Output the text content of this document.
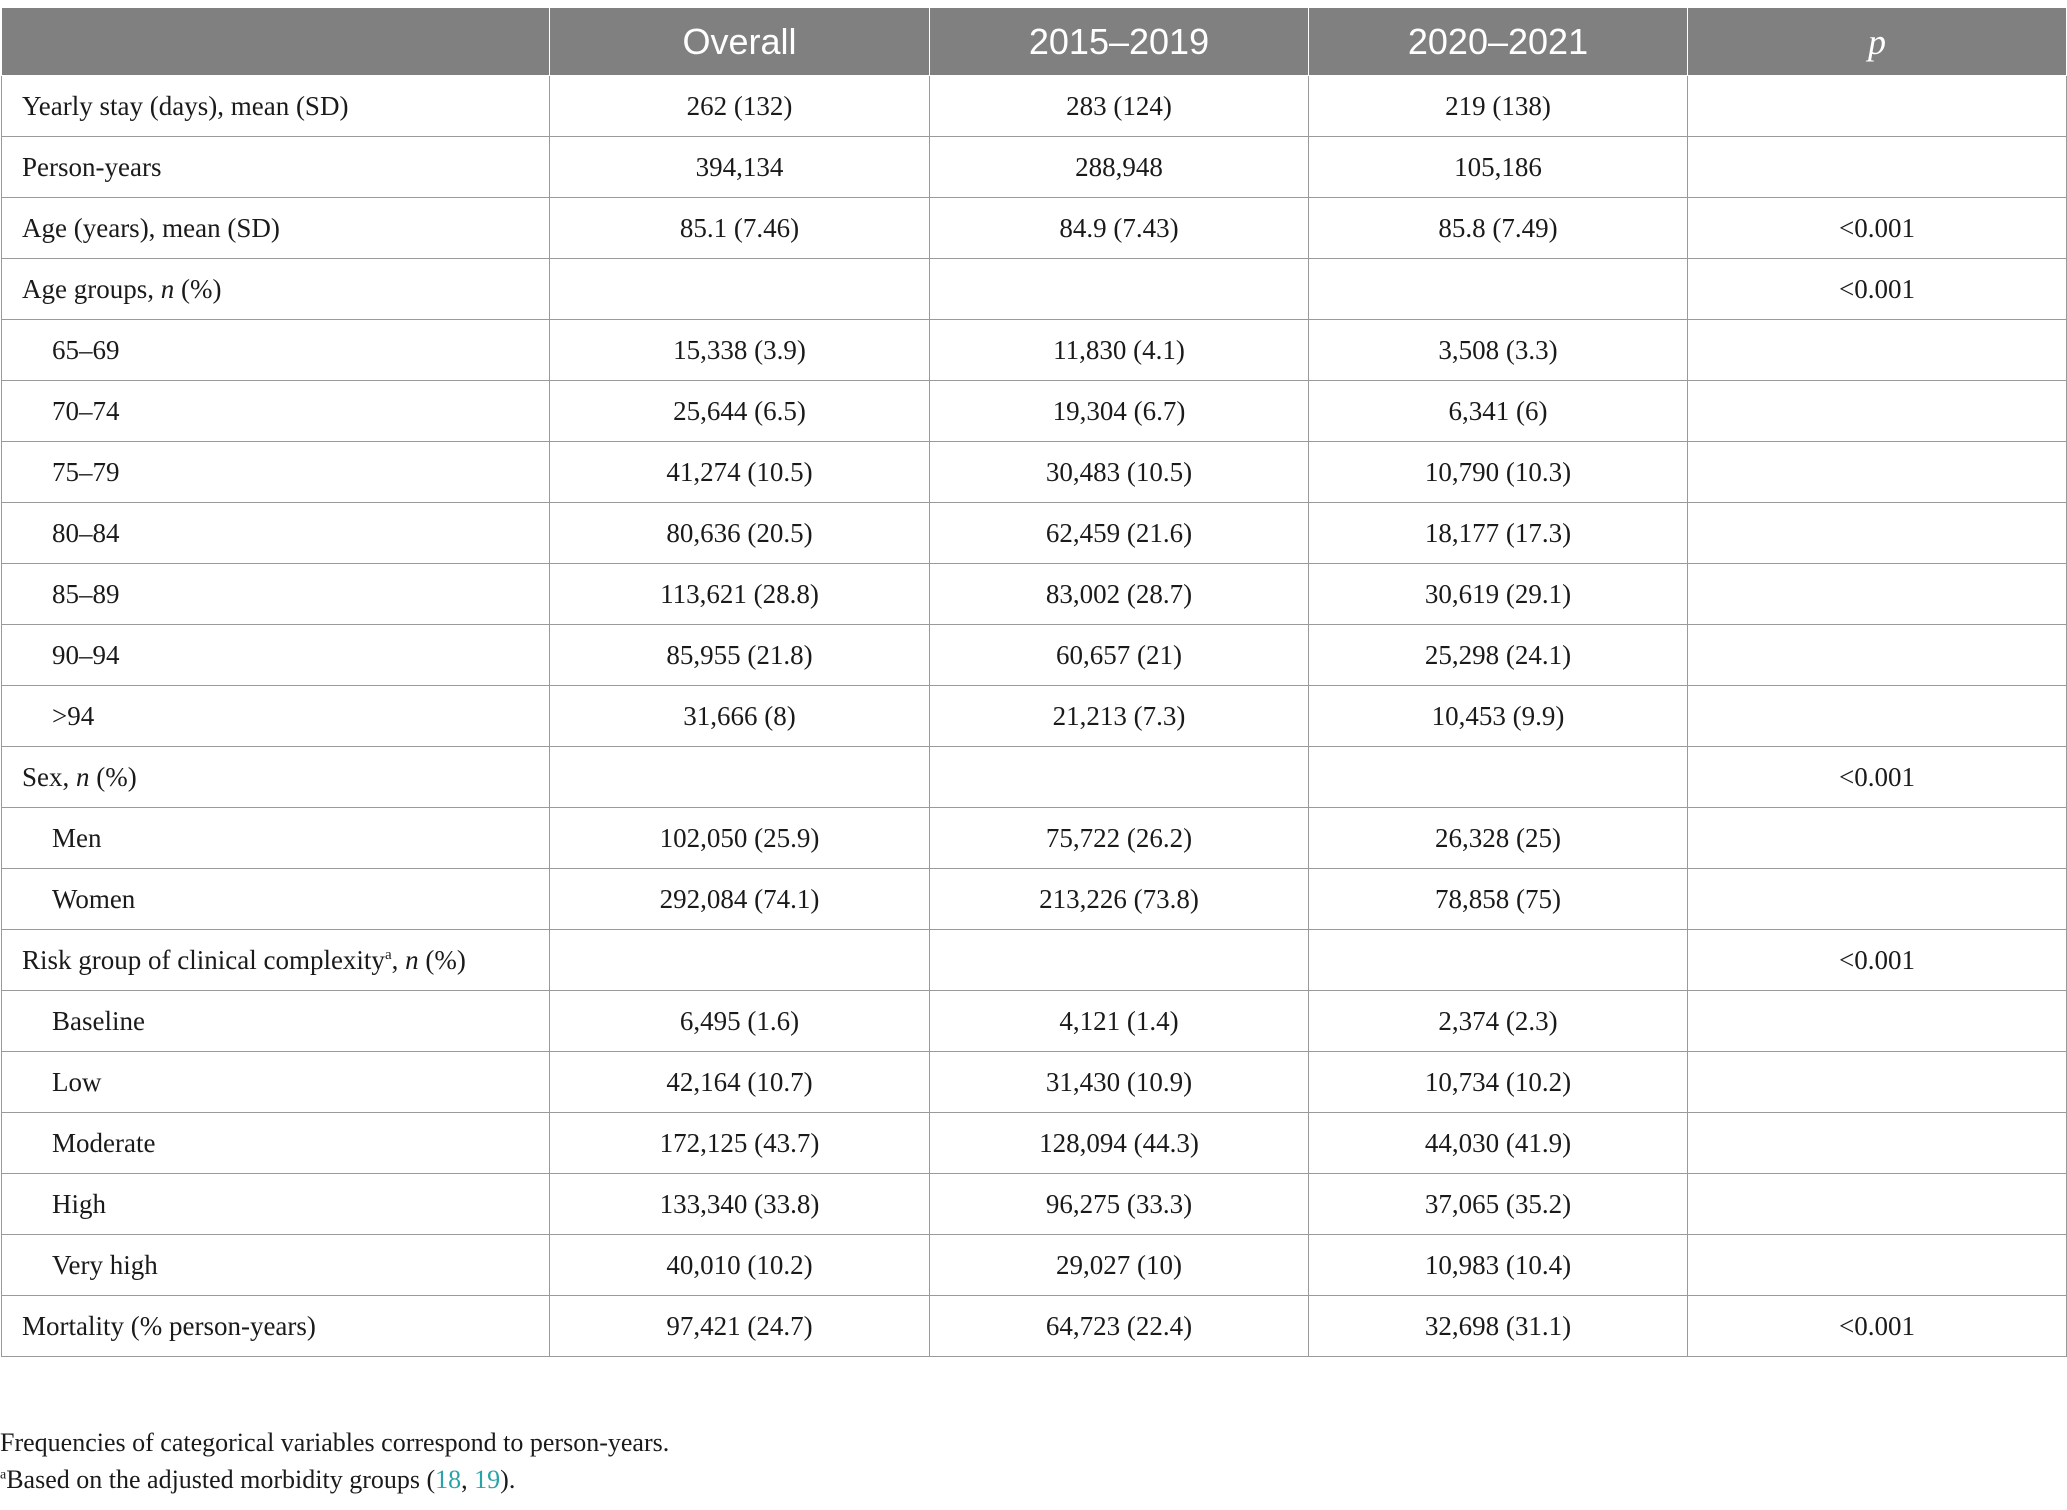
	Overall	2015–2019	2020–2021	p
Yearly stay (days), mean (SD)	262 (132)	283 (124)	219 (138)	
Person-years	394,134	288,948	105,186	
Age (years), mean (SD)	85.1 (7.46)	84.9 (7.43)	85.8 (7.49)	<0.001
Age groups, n (%)				<0.001
65–69	15,338 (3.9)	11,830 (4.1)	3,508 (3.3)	
70–74	25,644 (6.5)	19,304 (6.7)	6,341 (6)	
75–79	41,274 (10.5)	30,483 (10.5)	10,790 (10.3)	
80–84	80,636 (20.5)	62,459 (21.6)	18,177 (17.3)	
85–89	113,621 (28.8)	83,002 (28.7)	30,619 (29.1)	
90–94	85,955 (21.8)	60,657 (21)	25,298 (24.1)	
>94	31,666 (8)	21,213 (7.3)	10,453 (9.9)	
Sex, n (%)				<0.001
Men	102,050 (25.9)	75,722 (26.2)	26,328 (25)	
Women	292,084 (74.1)	213,226 (73.8)	78,858 (75)	
Risk group of clinical complexity$^a$, n (%)				<0.001
Baseline	6,495 (1.6)	4,121 (1.4)	2,374 (2.3)	
Low	42,164 (10.7)	31,430 (10.9)	10,734 (10.2)	
Moderate	172,125 (43.7)	128,094 (44.3)	44,030 (41.9)	
High	133,340 (33.8)	96,275 (33.3)	37,065 (35.2)	
Very high	40,010 (10.2)	29,027 (10)	10,983 (10.4)	
Mortality (% person-years)	97,421 (24.7)	64,723 (22.4)	32,698 (31.1)	<0.001

Frequencies of categorical variables correspond to person-years.

$^a$Based on the adjusted morbidity groups (18, 19).
